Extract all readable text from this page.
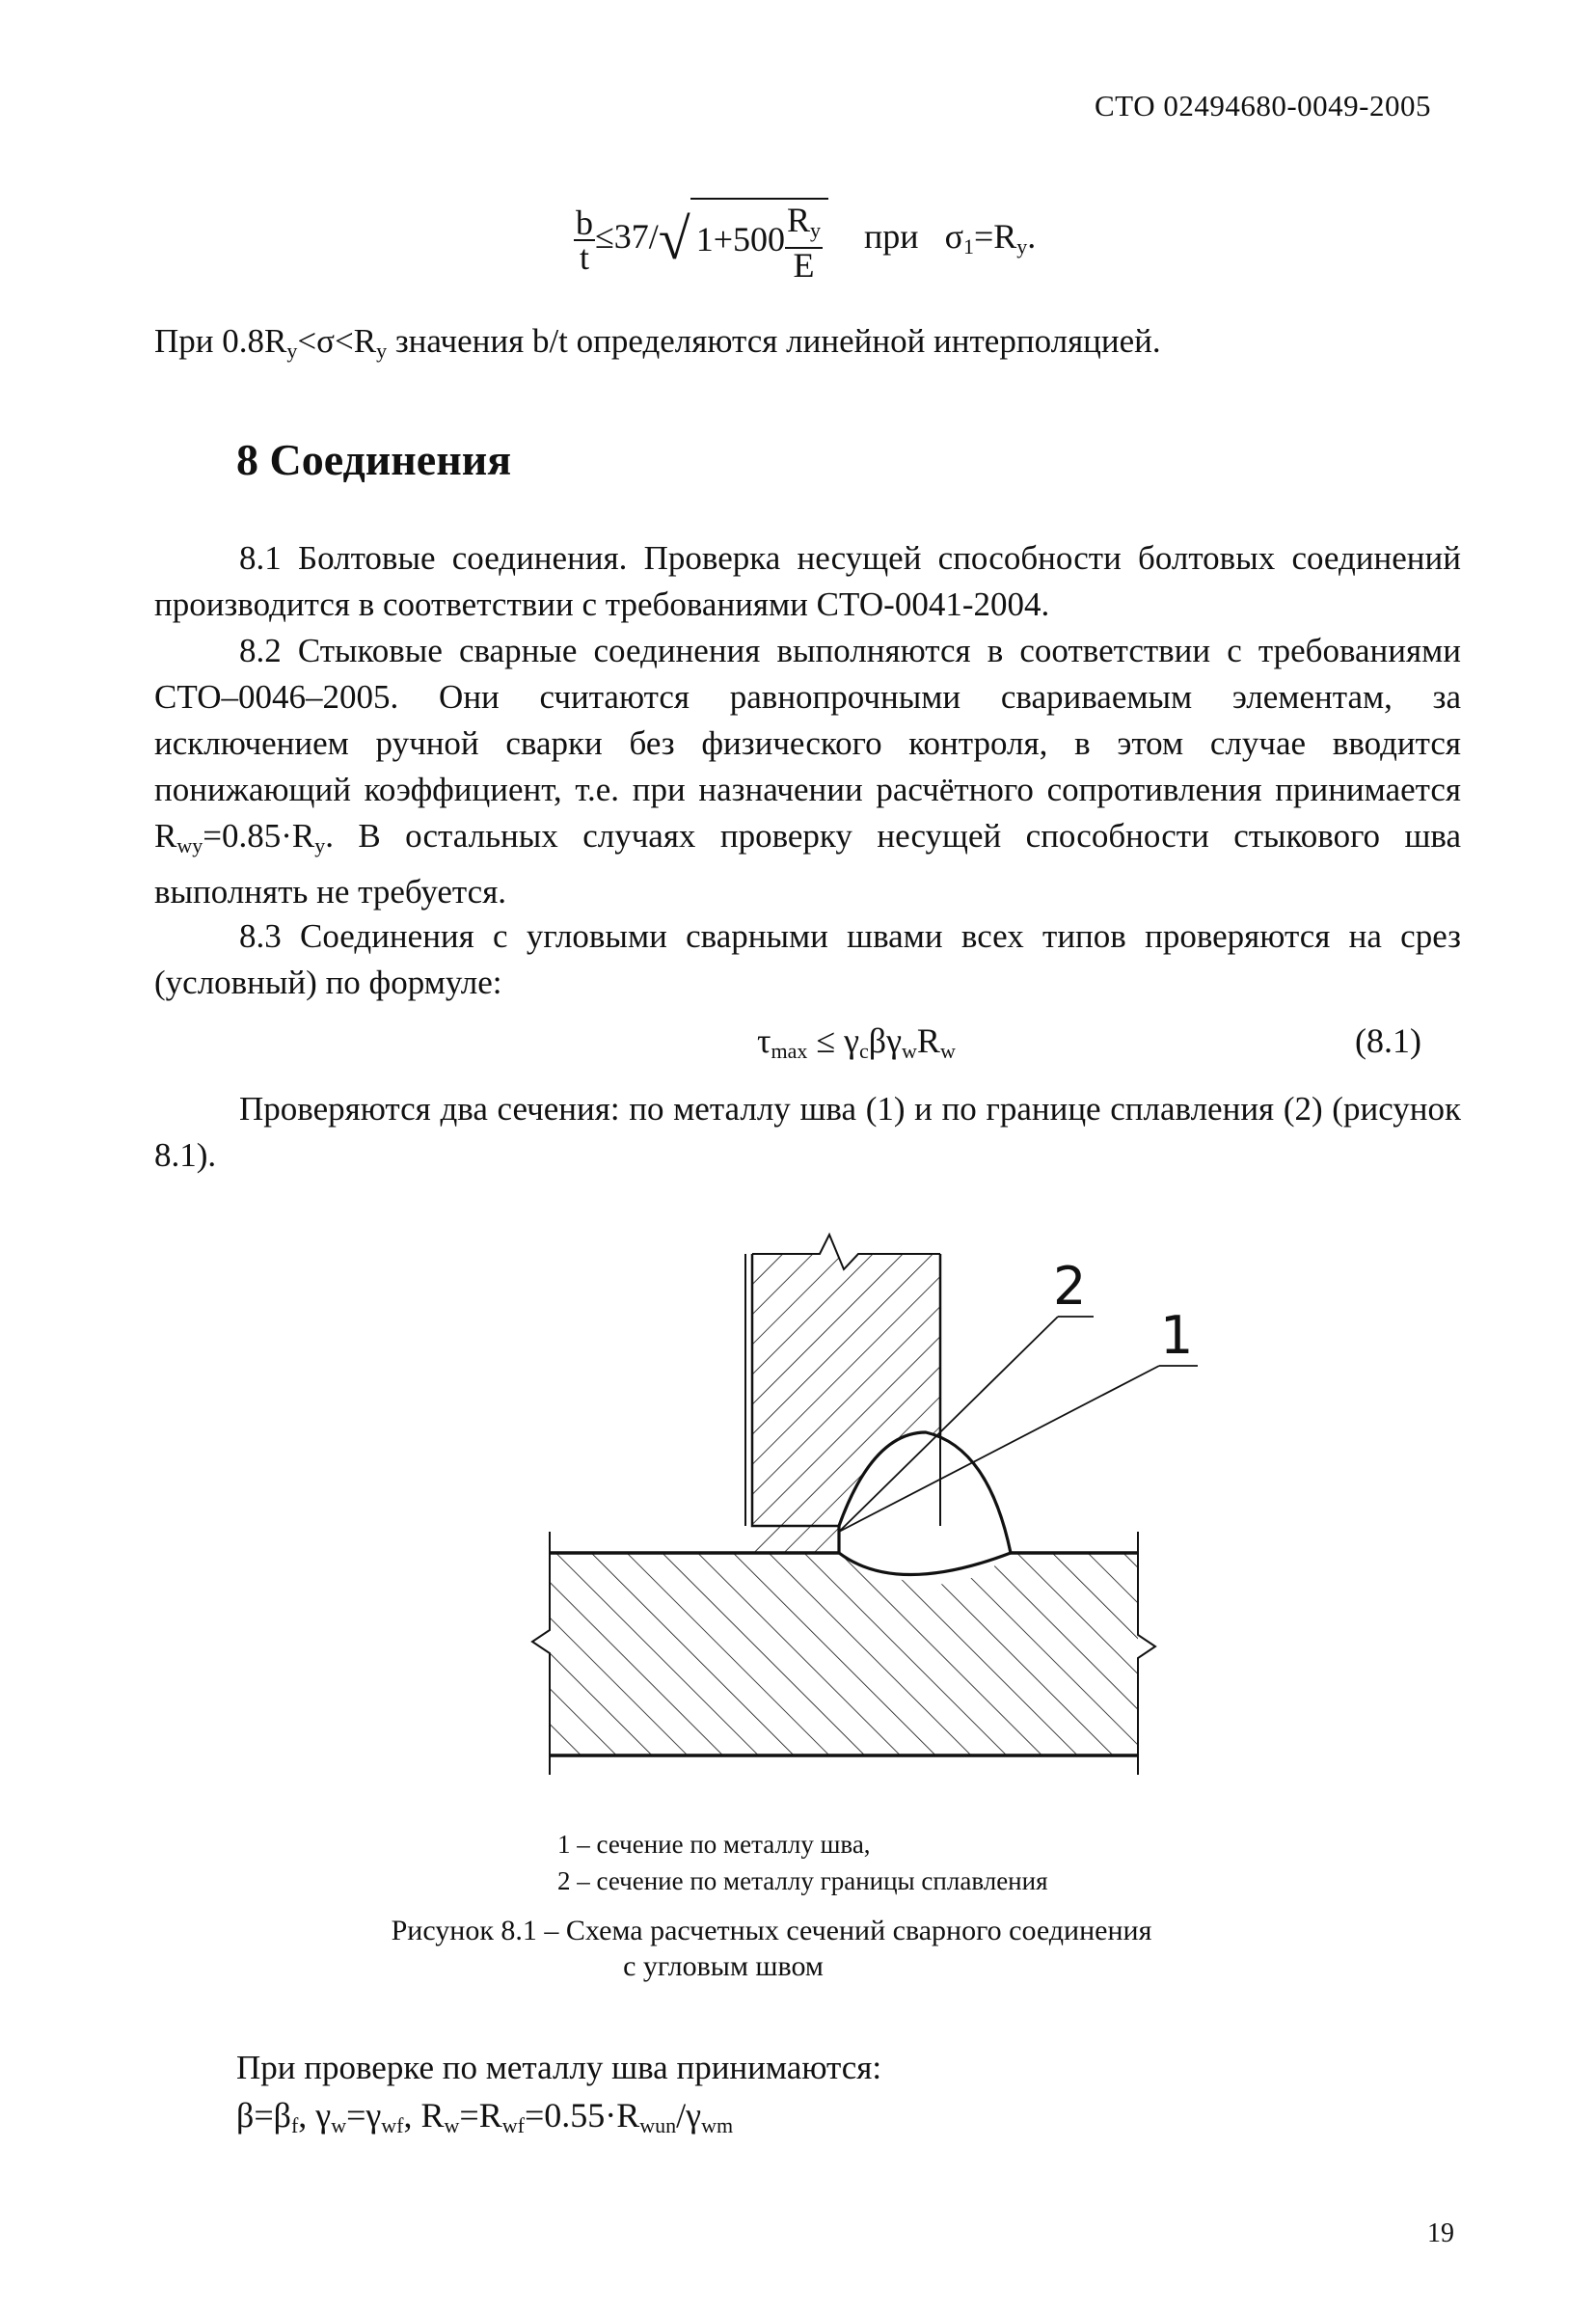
СТО 02494680-0049-2005
$\frac{b}{t} \le 37/√$ $1+500 \frac{R_y}{E}$ при $\sigma_1=R_y$.
При $0.8R_y<\sigma<R_y$ значения b/t определяются линейной интерполяцией.
8 Соединения
8.1 Болтовые соединения. Проверка несущей способности болтовых соединений производится в соответствии с требованиями СТО-0041-2004.
8.2 Стыковые сварные соединения выполняются в соответствии с требованиями СТО–0046–2005. Они считаются равнопрочными свариваемым элементам, за исключением ручной сварки без физического контроля, в этом случае вводится понижающий коэффициент, т.е. при назначении расчётного сопротивления принимается $R_{wy}=0.85\cdot R_y$. В остальных случаях проверку несущей способности стыкового шва выполнять не требуется.
8.3 Соединения с угловыми сварными швами всех типов проверяются на срез (условный) по формуле:
$\tau_{max} \le \gamma_c\beta\gamma_wR_w$	(8.1)
Проверяются два сечения: по металлу шва (1) и по границе сплавления (2) (рисунок 8.1).
2
1
1 – сечение по металлу шва,
2 – сечение по металлу границы сплавления
Рисунок 8.1 – Схема расчетных сечений сварного соединения
с угловым швом
При проверке по металлу шва принимаются:
$\beta=\beta_f$, $\gamma_w=\gamma_{wf}$, $R_w=R_{wf}=0.55\cdot R_{wun}/\gamma_{wm}$
19
